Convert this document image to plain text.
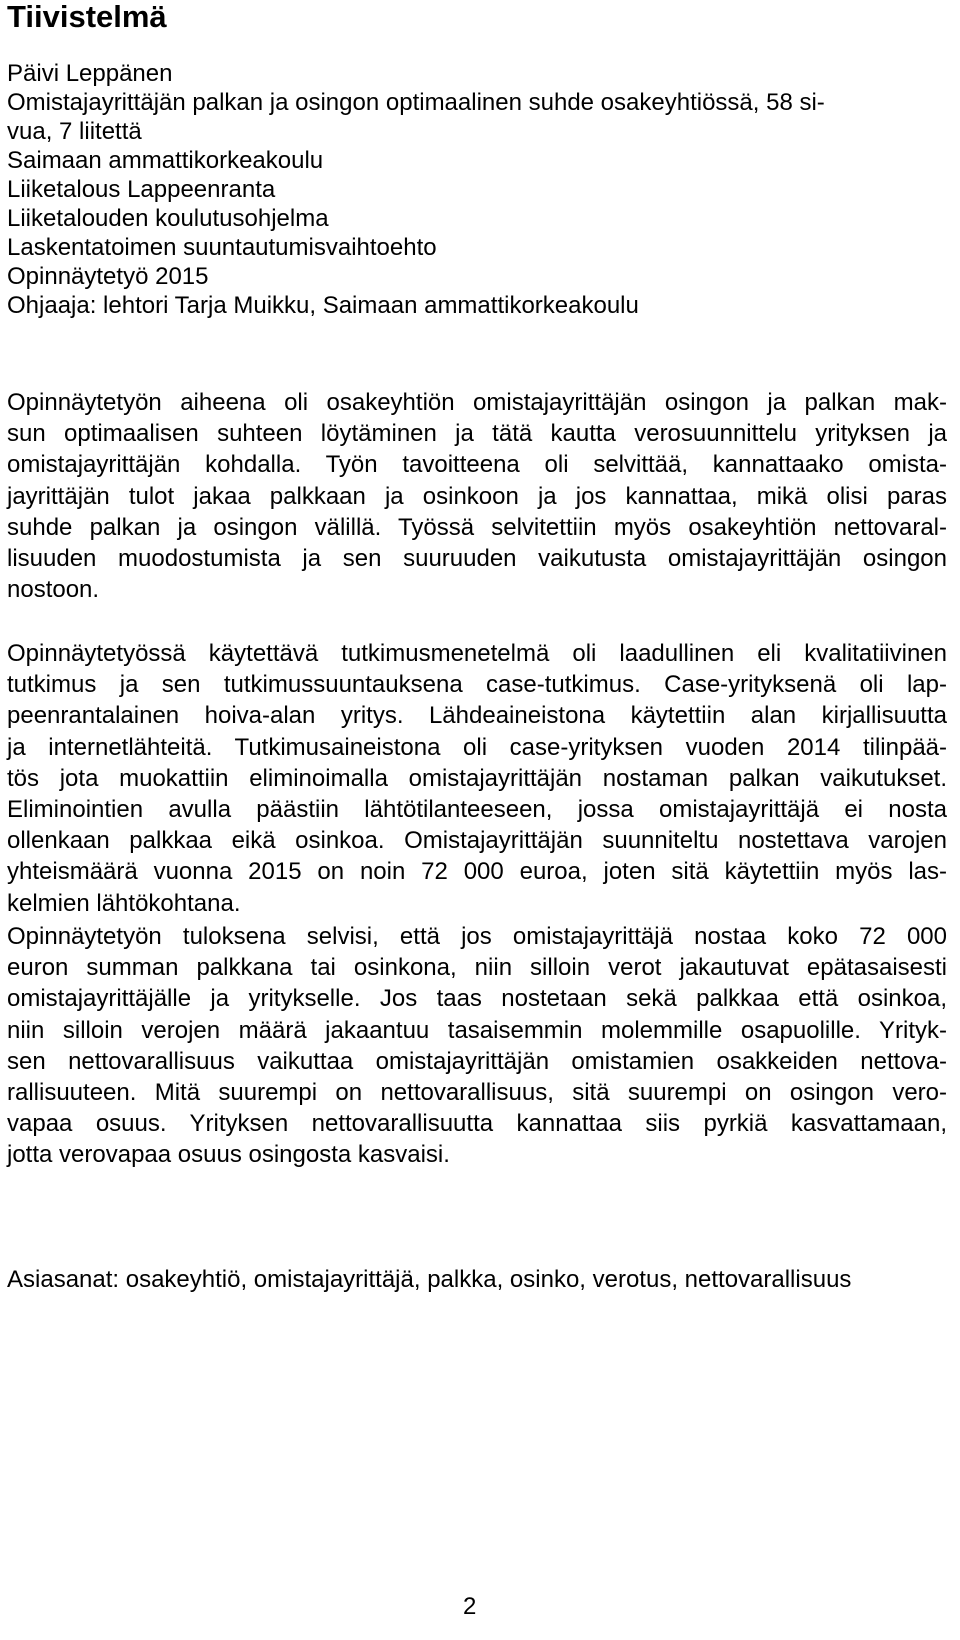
Tiivistelmä
Päivi Leppänen
Omistajayrittäjän palkan ja osingon optimaalinen suhde osakeyhtiössä, 58 si-
vua, 7 liitettä
Saimaan ammattikorkeakoulu
Liiketalous Lappeenranta
Liiketalouden koulutusohjelma
Laskentatoimen suuntautumisvaihtoehto
Opinnäytetyö 2015
Ohjaaja: lehtori Tarja Muikku, Saimaan ammattikorkeakoulu
Opinnäytetyön aiheena oli osakeyhtiön omistajayrittäjän osingon ja palkan mak-
sun optimaalisen suhteen löytäminen ja tätä kautta verosuunnittelu yrityksen ja
omistajayrittäjän kohdalla. Työn tavoitteena oli selvittää, kannattaako omista-
jayrittäjän tulot jakaa palkkaan ja osinkoon ja jos kannattaa, mikä olisi paras
suhde palkan ja osingon välillä. Työssä selvitettiin myös osakeyhtiön nettovaral-
lisuuden muodostumista ja sen suuruuden vaikutusta omistajayrittäjän osingon
nostoon.
Opinnäytetyössä käytettävä tutkimusmenetelmä oli laadullinen eli kvalitatiivinen
tutkimus ja sen tutkimussuuntauksena case-tutkimus. Case-yrityksenä oli lap-
peenrantalainen hoiva-alan yritys. Lähdeaineistona käytettiin alan kirjallisuutta
ja internetlähteitä. Tutkimusaineistona oli case-yrityksen vuoden 2014 tilinpää-
tös jota muokattiin eliminoimalla omistajayrittäjän nostaman palkan vaikutukset.
Eliminointien avulla päästiin lähtötilanteeseen, jossa omistajayrittäjä ei nosta
ollenkaan palkkaa eikä osinkoa. Omistajayrittäjän suunniteltu nostettava varojen
yhteismäärä vuonna 2015 on noin 72 000 euroa, joten sitä käytettiin myös las-
kelmien lähtökohtana.
Opinnäytetyön tuloksena selvisi, että jos omistajayrittäjä nostaa koko 72 000
euron summan palkkana tai osinkona, niin silloin verot jakautuvat epätasaisesti
omistajayrittäjälle ja yritykselle. Jos taas nostetaan sekä palkkaa että osinkoa,
niin silloin verojen määrä jakaantuu tasaisemmin molemmille osapuolille. Yrityk-
sen nettovarallisuus vaikuttaa omistajayrittäjän omistamien osakkeiden nettova-
rallisuuteen. Mitä suurempi on nettovarallisuus, sitä suurempi on osingon vero-
vapaa osuus. Yrityksen nettovarallisuutta kannattaa siis pyrkiä kasvattamaan,
jotta verovapaa osuus osingosta kasvaisi.
Asiasanat: osakeyhtiö, omistajayrittäjä, palkka, osinko, verotus, nettovarallisuus
2
